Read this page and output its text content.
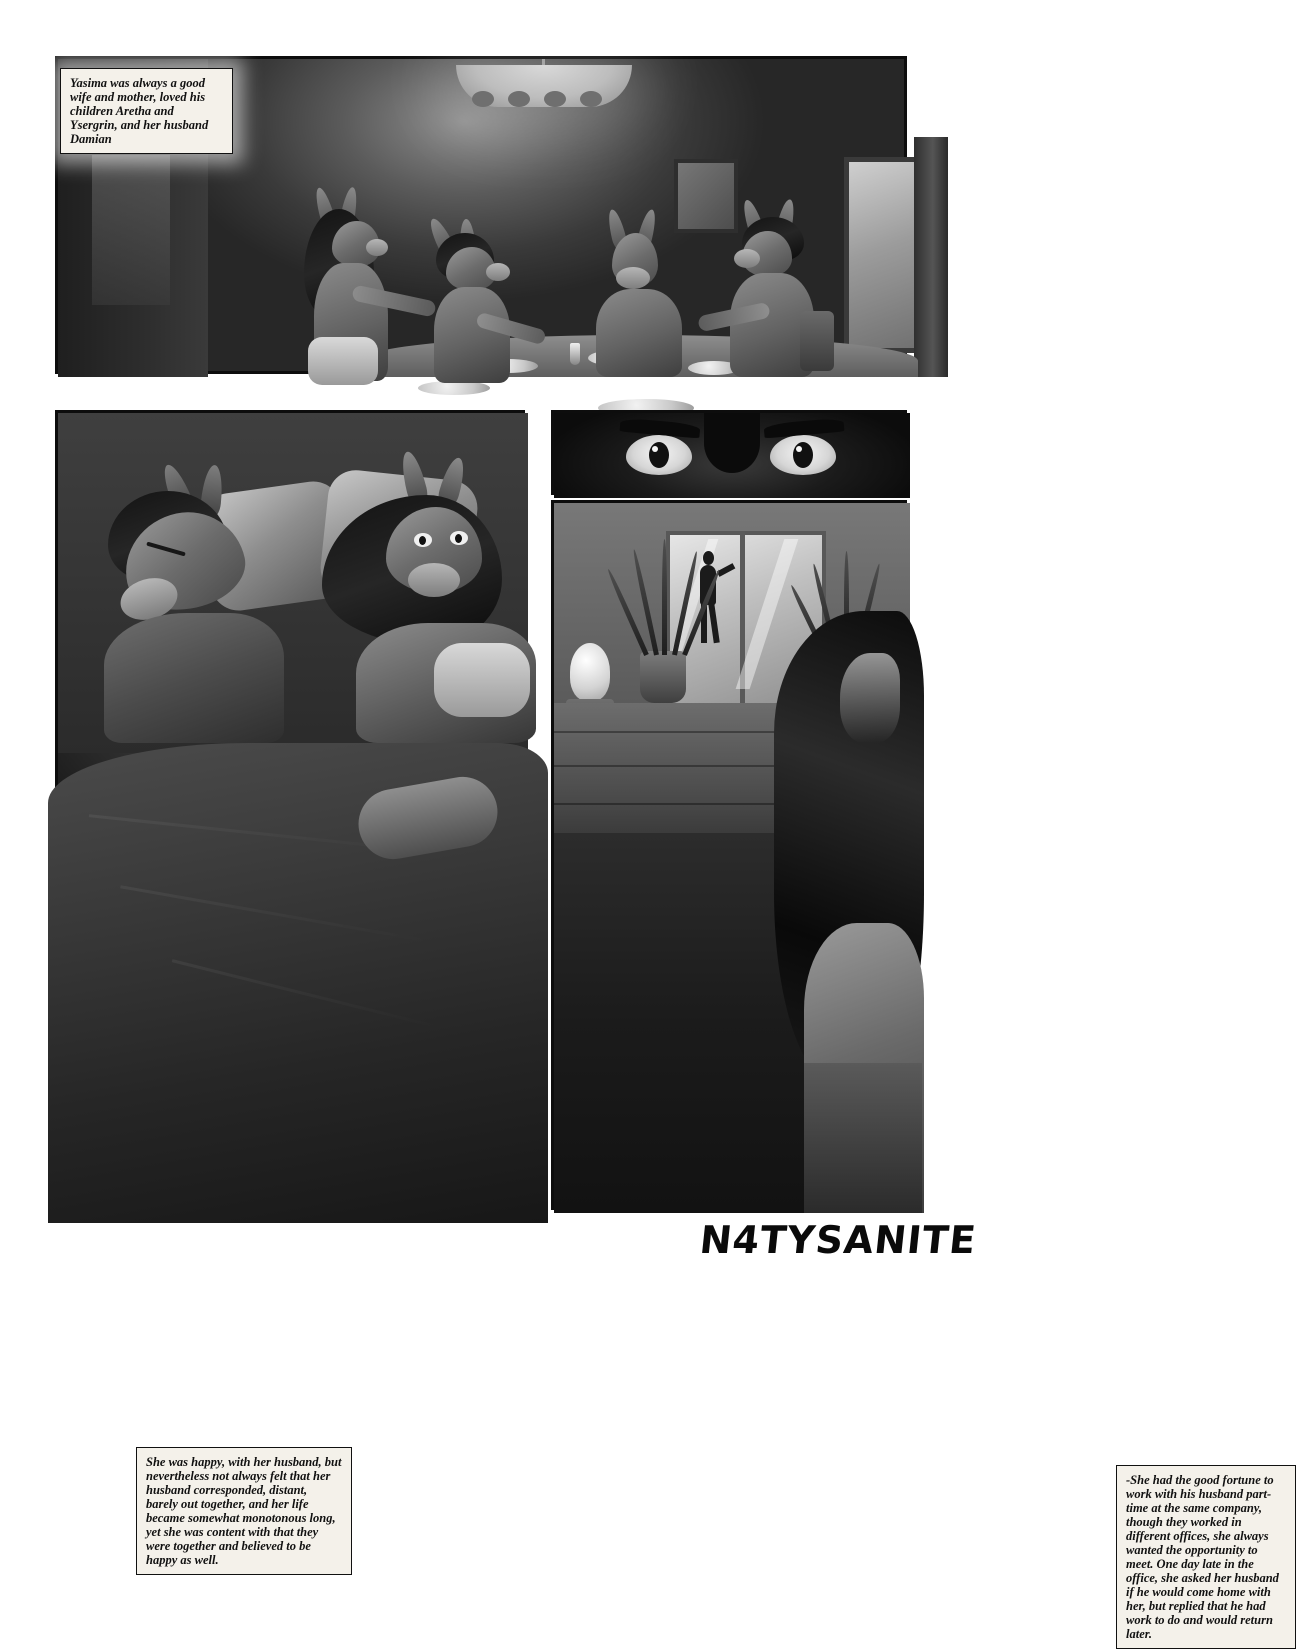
She was happy, with her husband, but nevertheless not always felt that her husband corresponded, distant, barely out together, and her life became somewhat monotonous long, yet she was content with that they were together and believed to be happy as well.
-She had the good fortune to work with his husband part-time at the same company, though they worked in different offices, she always wanted the opportunity to meet. One day late in the office, she asked her husband if he would come home with her, but replied that he had work to do and would return later.
Yasima was always a good wife and mother, loved his children Aretha and Ysergrin, and her husband Damian
N4TYSANITE
